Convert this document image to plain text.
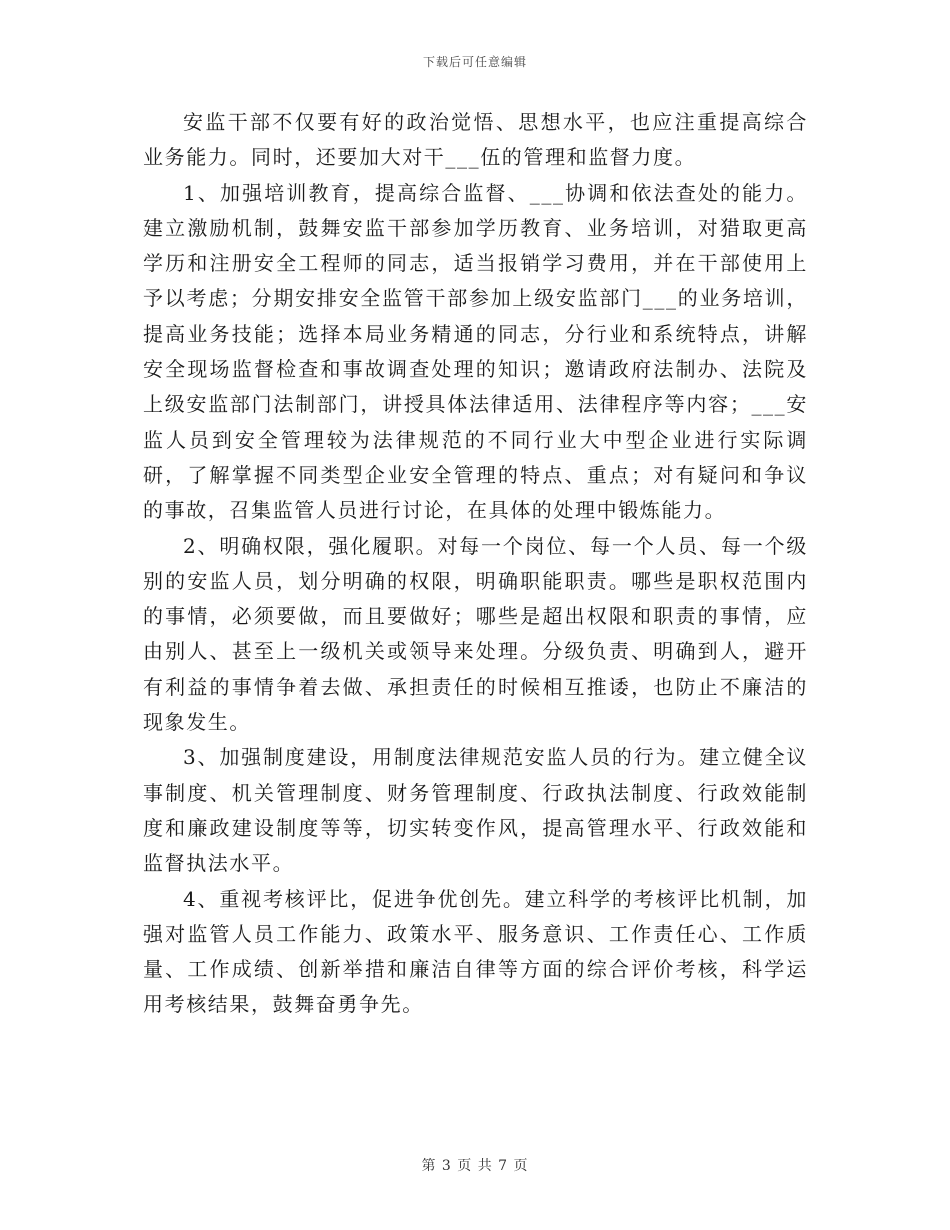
下载后可任意编辑

安监干部不仅要有好的政治觉悟、思想水平，也应注重提高综合业务能力。同时，还要加大对干___伍的管理和监督力度。

1、加强培训教育，提高综合监督、___协调和依法查处的能力。建立激励机制，鼓舞安监干部参加学历教育、业务培训，对猎取更高学历和注册安全工程师的同志，适当报销学习费用，并在干部使用上予以考虑；分期安排安全监管干部参加上级安监部门___的业务培训，提高业务技能；选择本局业务精通的同志，分行业和系统特点，讲解安全现场监督检查和事故调查处理的知识；邀请政府法制办、法院及上级安监部门法制部门，讲授具体法律适用、法律程序等内容；___安监人员到安全管理较为法律规范的不同行业大中型企业进行实际调研，了解掌握不同类型企业安全管理的特点、重点；对有疑问和争议的事故，召集监管人员进行讨论，在具体的处理中锻炼能力。

2、明确权限，强化履职。对每一个岗位、每一个人员、每一个级别的安监人员，划分明确的权限，明确职能职责。哪些是职权范围内的事情，必须要做，而且要做好；哪些是超出权限和职责的事情，应由别人、甚至上一级机关或领导来处理。分级负责、明确到人，避开有利益的事情争着去做、承担责任的时候相互推诿，也防止不廉洁的现象发生。

3、加强制度建设，用制度法律规范安监人员的行为。建立健全议事制度、机关管理制度、财务管理制度、行政执法制度、行政效能制度和廉政建设制度等等，切实转变作风，提高管理水平、行政效能和监督执法水平。

4、重视考核评比，促进争优创先。建立科学的考核评比机制，加强对监管人员工作能力、政策水平、服务意识、工作责任心、工作质量、工作成绩、创新举措和廉洁自律等方面的综合评价考核，科学运用考核结果，鼓舞奋勇争先。

第 3 页 共 7 页
